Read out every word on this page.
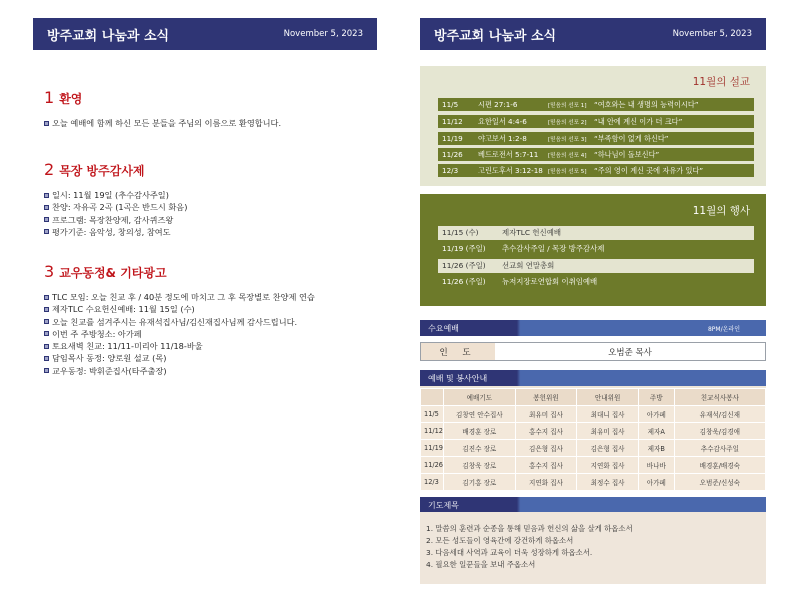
방주교회 나눔과 소식	November 5, 2023
1 환영
오늘 예배에 함께 하신 모든 분들을 주님의 이름으로 환영합니다.
2 목장 방주감사제
일시: 11월 19일 (추수감사주일)
찬양: 자유곡 2곡 (1곡은 반드시 화음)
프로그램: 목장찬양제, 감사퀴즈왕
평가기준: 음악성, 창의성, 참여도
3 교우동정& 기타광고
TLC 모임: 오늘 친교 후 / 40분 정도에 마치고 그 후 목장별로 찬양제 연습
제자TLC 수요헌신예배: 11월 15일 (수)
오늘 친교를 섬겨주시는 유재석집사님/김신재집사님께 감사드립니다.
이번 주 주방청소: 아가페
토요새벽 친교: 11/11-미리아 11/18-바울
담임목사 동정: 양로원 설교 (목)
교우동정: 박휘준집사(타주출장)
방주교회 나눔과 소식	November 5, 2023
11월의 설교
11/5	시편 27:1-6	[믿음의 선포 1]	“여호와는 내 생명의 능력이시다”
11/12	요한일서 4:4-6	[믿음의 선포 2]	“내 안에 계신 이가 더 크다”
11/19	야고보서 1:2-8	[믿음의 선포 3]	“부족함이 없게 하신다”
11/26	베드로전서 5:7-11	[믿음의 선포 4]	“하나님이 돌보신다”
12/3	고린도후서 3:12-18 [믿음의 선포 5]	“주의 영이 계신 곳에 자유가 있다”
11월의 행사
11/15 (수)	제자TLC 헌신예배
11/19 (주일)	추수감사주일 / 목장 방주감사제
11/26 (주일)	선교회 연말총회
11/26 (주일)	뉴저지장로연합회 이취임예배
수요예배	8PM/온라인
인 도	오범준 목사
예배 및 봉사안내
	예배기도	봉헌위원	안내위원	주방	친교식사봉사
11/5	김창연 안수집사	최유미 집사	최대니 집사	아가페	유재석/김신재
11/12	배경훈 장로	홍수지 집사	최유미 집사	제자A	김창욱/김경애
11/19	김진수 장로	김은형 집사	김은형 집사	제자B	추수감사주일
11/26	김창욱 장로	홍수지 집사	지연화 집사	바나바	배경훈/배경숙
12/3	김기홍 장로	지연화 집사	최정수 집사	아가페	오범준/신성숙
기도제목
1. 말씀의 훈련과 순종을 통해 믿음과 헌신의 삶을 살게 하옵소서
2. 모든 성도들이 영육간에 강건하게 하옵소서
3. 다음세대 사역과 교육이 더욱 성장하게 하옵소서.
4. 필요한 일꾼들을 보내 주옵소서
